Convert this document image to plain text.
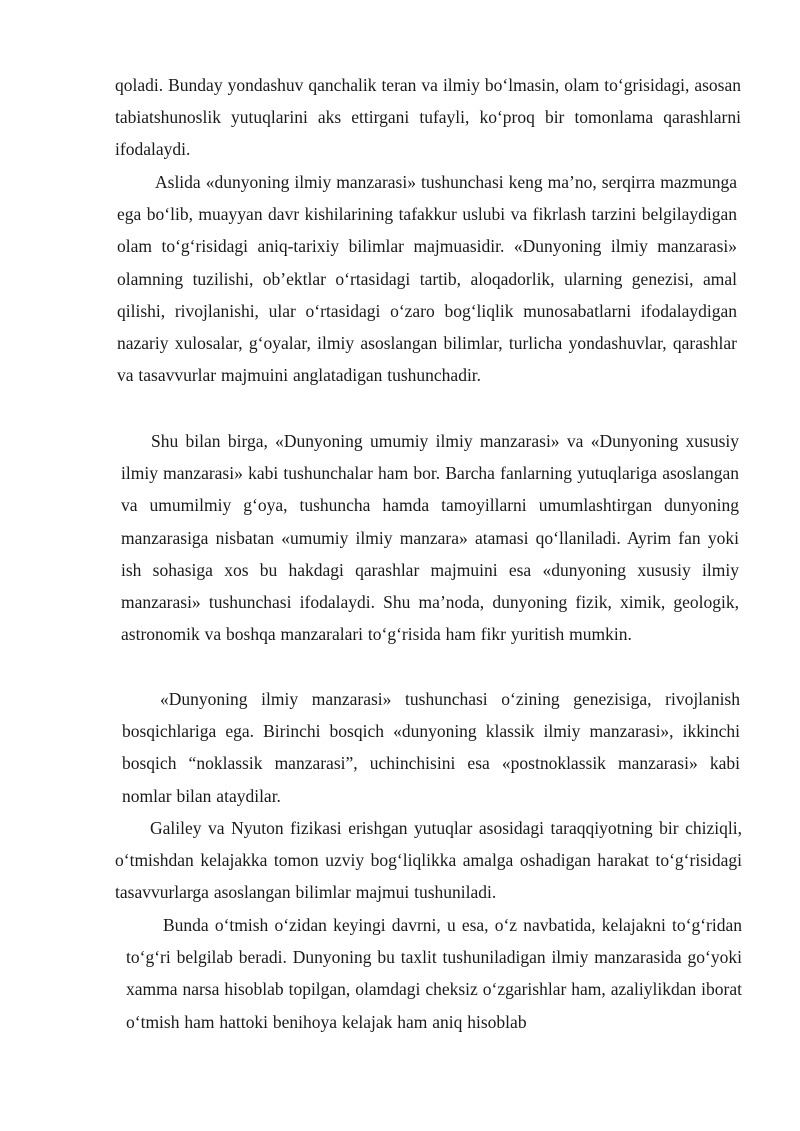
qoladi. Bunday yondashuv qanchalik teran va ilmiy bo‘lmasin, olam to‘grisidagi, asosan tabiatshunoslik yutuqlarini aks ettirgani tufayli, ko‘proq bir tomonlama qarashlarni ifodalaydi.

Aslida «dunyoning ilmiy manzarasi» tushunchasi keng ma’no, serqirra mazmunga ega bo‘lib, muayyan davr kishilarining tafakkur uslubi va fikrlash tarzini belgilaydigan olam to‘g‘risidagi aniq-tarixiy bilimlar majmuasidir. «Dunyoning ilmiy manzarasi» olamning tuzilishi, ob’ektlar o‘rtasidagi tartib, aloqadorlik, ularning genezisi, amal qilishi, rivojlanishi, ular o‘rtasidagi o‘zaro bog‘liqlik munosabatlarni ifodalaydigan nazariy xulosalar, g‘oyalar, ilmiy asoslangan bilimlar, turlicha yondashuvlar, qarashlar va tasavvurlar majmuini anglatadigan tushunchadir.

Shu bilan birga, «Dunyoning umumiy ilmiy manzarasi» va «Dunyoning xususiy ilmiy manzarasi» kabi tushunchalar ham bor. Barcha fanlarning yutuqlariga asoslangan va umumilmiy g‘oya, tushuncha hamda tamoyillarni umumlashtirgan dunyoning manzarasiga nisbatan «umumiy ilmiy manzara» atamasi qo‘llaniladi. Ayrim fan yoki ish sohasiga xos bu hakdagi qarashlar majmuini esa «dunyoning xususiy ilmiy manzarasi» tushunchasi ifodalaydi. Shu ma’noda, dunyoning fizik, ximik, geologik, astronomik va boshqa manzaralari to‘g‘risida ham fikr yuritish mumkin.

«Dunyoning ilmiy manzarasi» tushunchasi o‘zining genezisiga, rivojlanish bosqichlariga ega. Birinchi bosqich «dunyoning klassik ilmiy manzarasi», ikkinchi bosqich “noklassik manzarasi”, uchinchisini esa «postnoklassik manzarasi» kabi nomlar bilan ataydilar.

Galiley va Nyuton fizikasi erishgan yutuqlar asosidagi taraqqiyotning bir chiziqli, o‘tmishdan kelajakka tomon uzviy bog‘liqlikka amalga oshadigan harakat to‘g‘risidagi tasavvurlarga asoslangan bilimlar majmui tushuniladi.

Bunda o‘tmish o‘zidan keyingi davrni, u esa, o‘z navbatida, kelajakni to‘g‘ridan to‘g‘ri belgilab beradi. Dunyoning bu taxlit tushuniladigan ilmiy manzarasida go‘yoki xamma narsa hisoblab topilgan, olamdagi cheksiz o‘zgarishlar ham, azaliylikdan iborat o‘tmish ham hattoki benihoya kelajak ham aniq hisoblab
